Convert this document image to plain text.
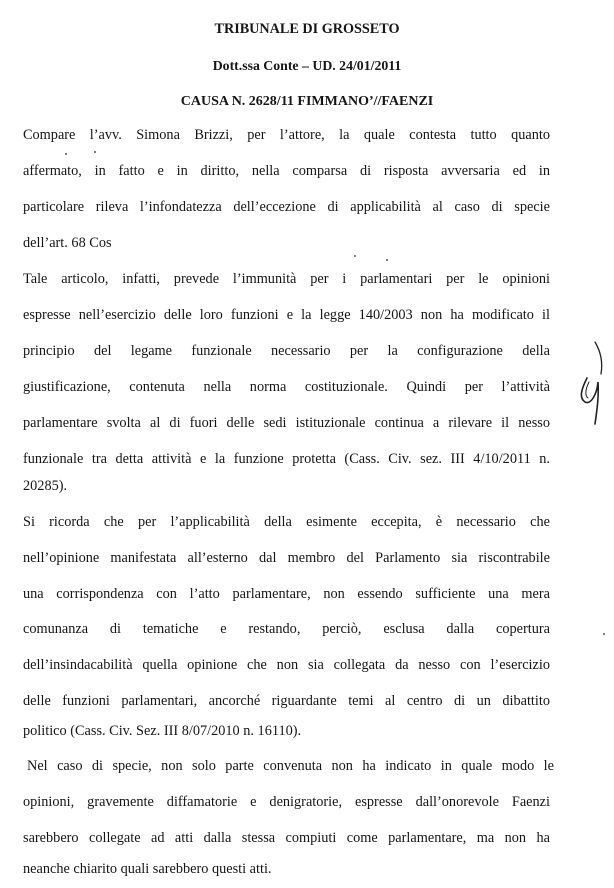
TRIBUNALE DI GROSSETO
Dott.ssa Conte – UD. 24/01/2011
CAUSA N. 2628/11 FIMMANO’//FAENZI
Compare l’avv. Simona Brizzi, per l’attore, la quale contesta tutto quanto
affermato, in fatto e in diritto, nella comparsa di risposta avversaria ed in
particolare rileva l’infondatezza dell’eccezione di applicabilità al caso di specie
dell’art. 68 Cos
Tale articolo, infatti, prevede l’immunità per i parlamentari per le opinioni
espresse nell’esercizio delle loro funzioni e la legge 140/2003 non ha modificato il
principio del legame funzionale necessario per la configurazione della
giustificazione, contenuta nella norma costituzionale. Quindi per l’attività
parlamentare svolta al di fuori delle sedi istituzionale continua a rilevare il nesso
funzionale tra detta attività e la funzione protetta (Cass. Civ. sez. III 4/10/2011 n.
20285).
Si ricorda che per l’applicabilità della esimente eccepita, è necessario che
nell’opinione manifestata all’esterno dal membro del Parlamento sia riscontrabile
una corrispondenza con l’atto parlamentare, non essendo sufficiente una mera
comunanza di tematiche e restando, perciò, esclusa dalla copertura
dell’insindacabilità quella opinione che non sia collegata da nesso con l’esercizio
delle funzioni parlamentari, ancorché riguardante temi al centro di un dibattito
politico (Cass. Civ. Sez. III 8/07/2010 n. 16110).
Nel caso di specie, non solo parte convenuta non ha indicato in quale modo le
opinioni, gravemente diffamatorie e denigratorie, espresse dall’onorevole Faenzi
sarebbero collegate ad atti dalla stessa compiuti come parlamentare, ma non ha
neanche chiarito quali sarebbero questi atti.
